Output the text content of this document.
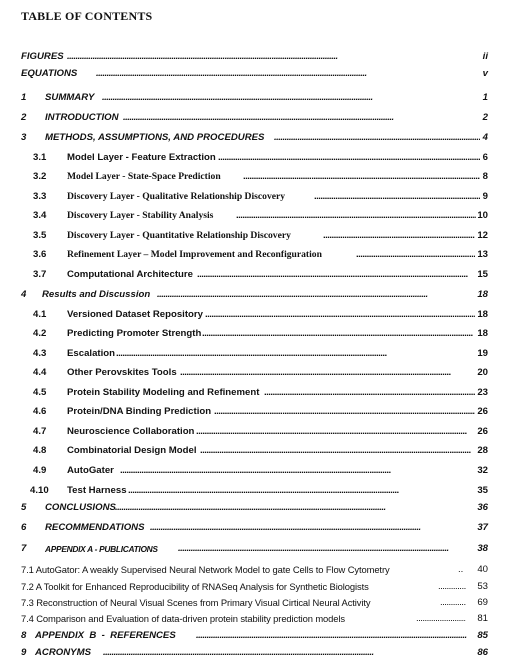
TABLE OF CONTENTS
FIGURES . . .	ii
EQUATIONS . . .	v
1 SUMMARY . . .	1
2 INTRODUCTION . . .	2
3 METHODS, ASSUMPTIONS, AND PROCEDURES . . .	4
3.1 Model Layer - Feature Extraction . . .	6
3.2 Model Layer - State-Space Prediction . . .	8
3.3 Discovery Layer - Qualitative Relationship Discovery . . .	9
3.4 Discovery Layer - Stability Analysis . . .	10
3.5 Discovery Layer - Quantitative Relationship Discovery . . .	12
3.6 Refinement Layer – Model Improvement and Reconfiguration . . .	13
3.7 Computational Architecture . . .	15
4 Results and Discussion . . .	18
4.1 Versioned Dataset Repository . . .	18
4.2 Predicting Promoter Strength . . .	18
4.3 Escalation . . .	19
4.4 Other Perovskites Tools . . .	20
4.5 Protein Stability Modeling and Refinement . . .	23
4.6 Protein/DNA Binding Prediction . . .	26
4.7 Neuroscience Collaboration . . .	26
4.8 Combinatorial Design Model . . .	28
4.9 AutoGater . . .	32
4.10 Test Harness . . .	35
5 CONCLUSIONS . . .	36
6 RECOMMENDATIONS . . .	37
7 APPENDIX A - PUBLICATIONS . . .	38
7.1 AutoGator: A weakly Supervised Neural Network Model to gate Cells to Flow Cytometry	..	40
7.2 A Toolkit for Enhanced Reproducibility of RNASeq Analysis for Synthetic Biologists . . .	53
7.3 Reconstruction of Neural Visual Scenes from Primary Visual Cirtical Neural Activity . . .	69
7.4 Comparison and Evaluation of data-driven protein stability prediction models . . .	81
8 APPENDIX  B  -  REFERENCES . . .	85
9 ACRONYMS . . .	86
